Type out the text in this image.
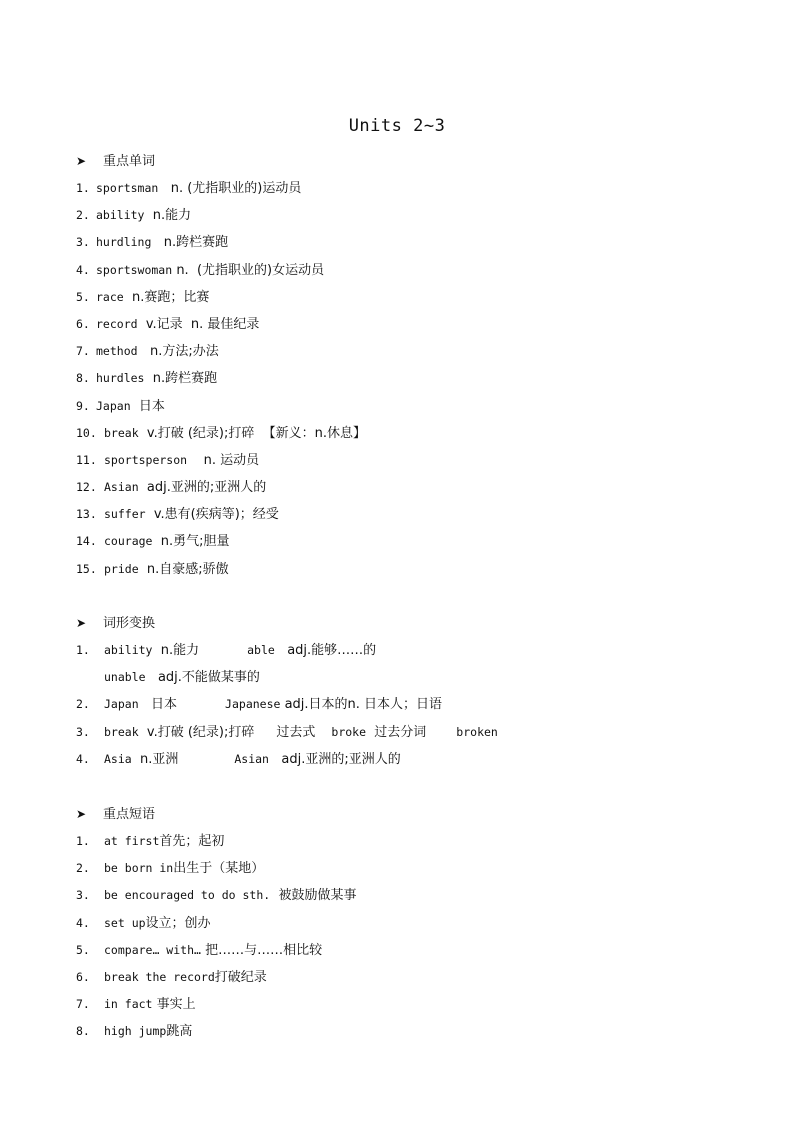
Units 2~3
➤ 重点单词
1. sportsman n. (尤指职业的)运动员
2. ability n.能力
3. hurdling n.跨栏赛跑
4. sportswoman n.  (尤指职业的)女运动员
5. race n.赛跑；比赛
6. record v.记录  n. 最佳纪录
7. method n.方法;办法
8. hurdles n.跨栏赛跑
9. Japan 日本
10. break v.打破 (纪录);打碎  【新义：n.休息】
11. sportsperson n. 运动员
12. Asian adj.亚洲的;亚洲人的
13. suffer v.患有(疾病等)；经受
14. courage n.勇气;胆量
15. pride n.自豪感;骄傲
➤ 词形变换
1. ability n.能力	able adj.能够……的
unable adj.不能做某事的
2. Japan 日本	Japanese adj.日本的n. 日本人；日语
3. break v.打破 (纪录);打碎 过去式 broke 过去分词	broken
4. Asia n.亚洲	Asian adj.亚洲的;亚洲人的
➤ 重点短语
1. at first首先；起初
2. be born in出生于（某地）
3. be encouraged to do sth. 被鼓励做某事
4. set up设立；创办
5. compare… with… 把……与……相比较
6. break the record打破纪录
7. in fact 事实上
8. high jump跳高
